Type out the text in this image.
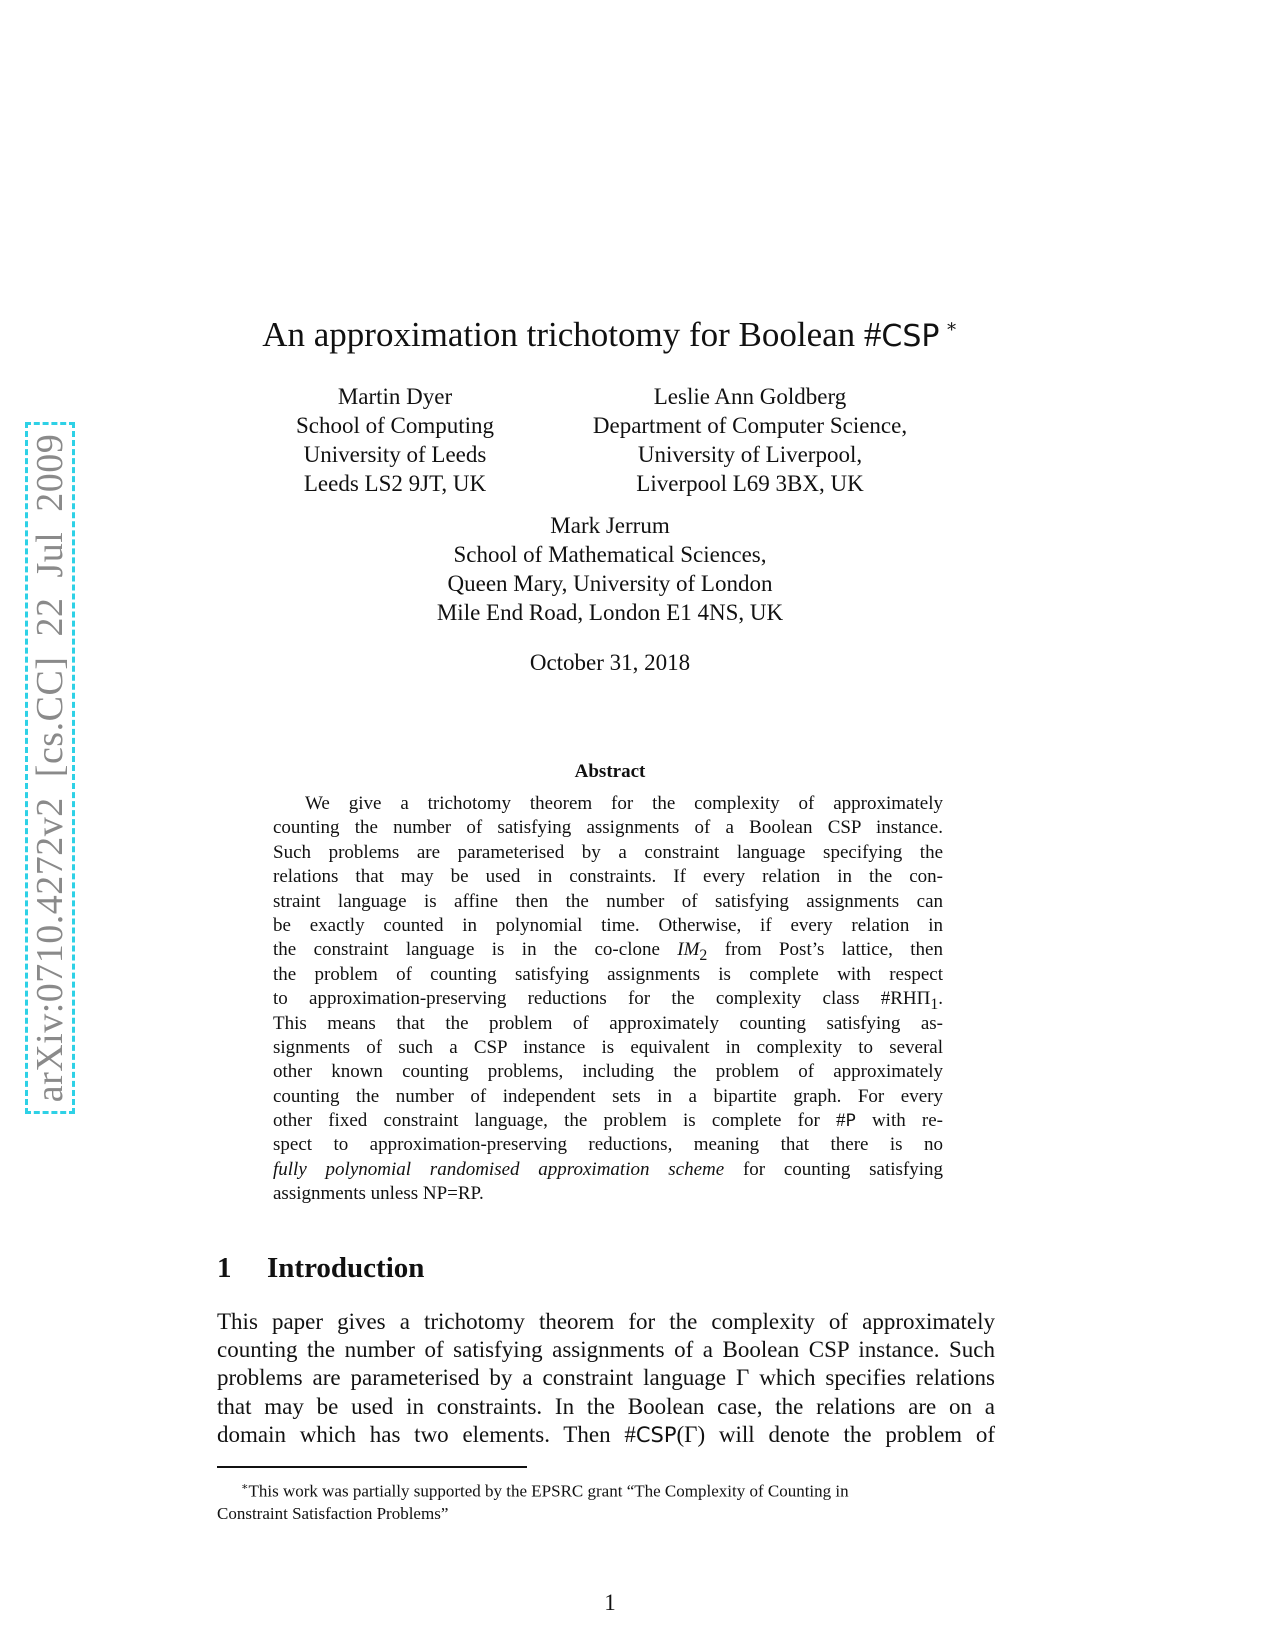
arXiv:0710.4272v2 [cs.CC] 22 Jul 2009
An approximation trichotomy for Boolean #CSP ∗
Martin Dyer
School of Computing
University of Leeds
Leeds LS2 9JT, UK
Leslie Ann Goldberg
Department of Computer Science,
University of Liverpool,
Liverpool L69 3BX, UK
Mark Jerrum
School of Mathematical Sciences,
Queen Mary, University of London
Mile End Road, London E1 4NS, UK
October 31, 2018
Abstract
We give a trichotomy theorem for the complexity of approximately
counting the number of satisfying assignments of a Boolean CSP instance.
Such problems are parameterised by a constraint language specifying the
relations that may be used in constraints. If every relation in the con-
straint language is affine then the number of satisfying assignments can
be exactly counted in polynomial time. Otherwise, if every relation in
the constraint language is in the co-clone $IM_2$ from Post’s lattice, then
the problem of counting satisfying assignments is complete with respect
to approximation-preserving reductions for the complexity class $\#RH\Pi_1$.
This means that the problem of approximately counting satisfying as-
signments of such a CSP instance is equivalent in complexity to several
other known counting problems, including the problem of approximately
counting the number of independent sets in a bipartite graph. For every
other fixed constraint language, the problem is complete for #P with re-
spect to approximation-preserving reductions, meaning that there is no
fully polynomial randomised approximation scheme for counting satisfying
assignments unless NP=RP.
1 Introduction
This paper gives a trichotomy theorem for the complexity of approximately
counting the number of satisfying assignments of a Boolean CSP instance. Such
problems are parameterised by a constraint language Γ which specifies relations
that may be used in constraints. In the Boolean case, the relations are on a
domain which has two elements. Then #CSP(Γ) will denote the problem of
∗This work was partially supported by the EPSRC grant “The Complexity of Counting in
Constraint Satisfaction Problems”
1
